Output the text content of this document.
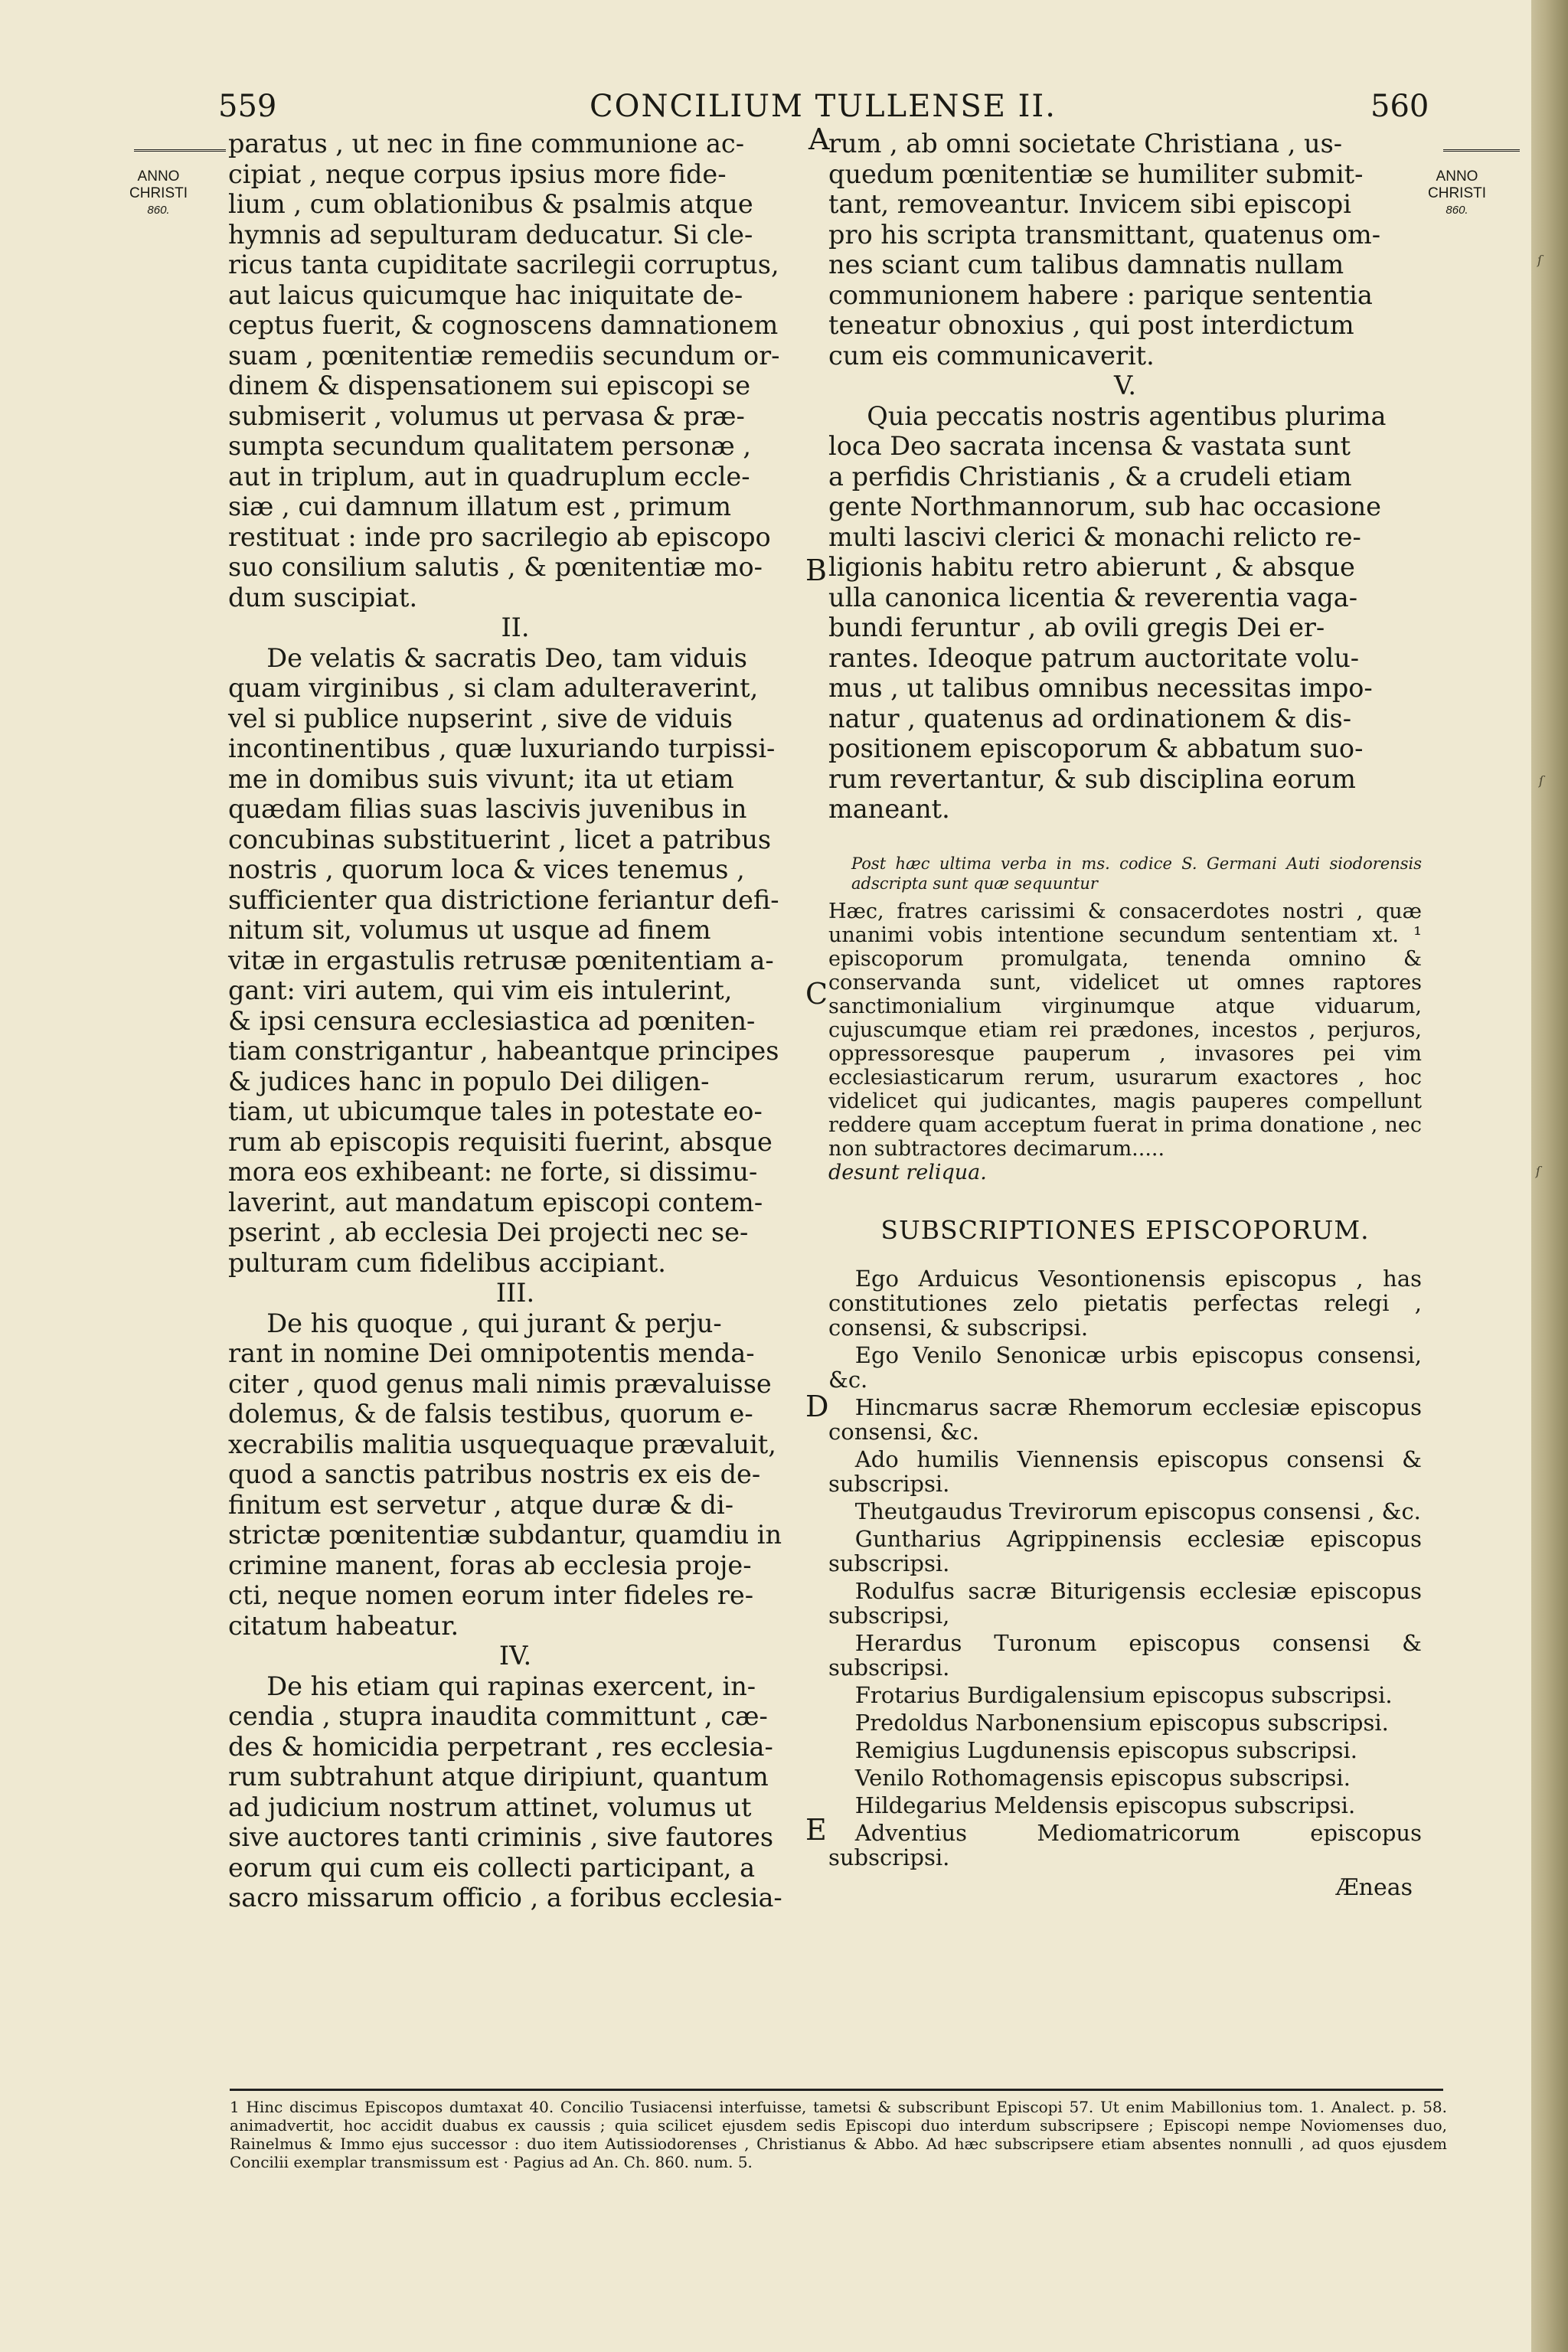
559	CONCILIUM TULLENSE II.	560
ANNO
CHRISTI
860.
ANNO
CHRISTI
860.
A
B
C
D
E
paratus , ut nec in fine communione ac-
cipiat , neque corpus ipsius more fide-
lium , cum oblationibus & psalmis atque
hymnis ad sepulturam deducatur. Si cle-
ricus tanta cupiditate sacrilegii corruptus,
aut laicus quicumque hac iniquitate de-
ceptus fuerit, & cognoscens damnationem
suam , pœnitentiæ remediis secundum or-
dinem & dispensationem sui episcopi se
submiserit , volumus ut pervasa & præ-
sumpta secundum qualitatem personæ ,
aut in triplum, aut in quadruplum eccle-
siæ , cui damnum illatum est , primum
restituat : inde pro sacrilegio ab episcopo
suo consilium salutis , & pœnitentiæ mo-
dum suscipiat.

II.

De velatis & sacratis Deo, tam viduis
quam virginibus , si clam adulteraverint,
vel si publice nupserint , sive de viduis
incontinentibus , quæ luxuriando turpissi-
me in domibus suis vivunt; ita ut etiam
quædam filias suas lascivis juvenibus in
concubinas substituerint , licet a patribus
nostris , quorum loca & vices tenemus ,
sufficienter qua districtione feriantur defi-
nitum sit, volumus ut usque ad finem
vitæ in ergastulis retrusæ pœnitentiam a-
gant: viri autem, qui vim eis intulerint,
& ipsi censura ecclesiastica ad pœniten-
tiam constrigantur , habeantque principes
& judices hanc in populo Dei diligen-
tiam, ut ubicumque tales in potestate eo-
rum ab episcopis requisiti fuerint, absque
mora eos exhibeant: ne forte, si dissimu-
laverint, aut mandatum episcopi contem-
pserint , ab ecclesia Dei projecti nec se-
pulturam cum fidelibus accipiant.

III.

De his quoque , qui jurant & perju-
rant in nomine Dei omnipotentis menda-
citer , quod genus mali nimis prævaluisse
dolemus, & de falsis testibus, quorum e-
xecrabilis malitia usquequaque prævaluit,
quod a sanctis patribus nostris ex eis de-
finitum est servetur , atque duræ & di-
strictæ pœnitentiæ subdantur, quamdiu in
crimine manent, foras ab ecclesia proje-
cti, neque nomen eorum inter fideles re-
citatum habeatur.

IV.

De his etiam qui rapinas exercent, in-
cendia , stupra inaudita committunt , cæ-
des & homicidia perpetrant , res ecclesia-
rum subtrahunt atque diripiunt, quantum
ad judicium nostrum attinet, volumus ut
sive auctores tanti criminis , sive fautores
eorum qui cum eis collecti participant, a
sacro missarum officio , a foribus ecclesia-
rum , ab omni societate Christiana , us-
quedum pœnitentiæ se humiliter submit-
tant, removeantur. Invicem sibi episcopi
pro his scripta transmittant, quatenus om-
nes sciant cum talibus damnatis nullam
communionem habere : parique sententia
teneatur obnoxius , qui post interdictum
cum eis communicaverit.

V.

Quia peccatis nostris agentibus plurima
loca Deo sacrata incensa & vastata sunt
a perfidis Christianis , & a crudeli etiam
gente Northmannorum, sub hac occasione
multi lascivi clerici & monachi relicto re-
ligionis habitu retro abierunt , & absque
ulla canonica licentia & reverentia vaga-
bundi feruntur , ab ovili gregis Dei er-
rantes. Ideoque patrum auctoritate volu-
mus , ut talibus omnibus necessitas impo-
natur , quatenus ad ordinationem & dis-
positionem episcoporum & abbatum suo-
rum revertantur, & sub disciplina eorum
maneant.

Post hæc ultima verba in ms. codice S. Germani Auti siodorensis adscripta sunt quæ sequuntur

Hæc, fratres carissimi & consacerdotes nostri , quæ unanimi vobis intentione secundum sententiam xt. ¹ episcoporum promulgata, tenenda omnino & conservanda sunt, videlicet ut omnes raptores sanctimonialium virginumque atque viduarum, cujuscumque etiam rei prædones, incestos , perjuros, oppressoresque pauperum , invasores pei vim ecclesiasticarum rerum, usurarum exactores , hoc videlicet qui judicantes, magis pauperes compellunt reddere quam acceptum fuerat in prima donatione , nec non subtractores decimarum.....
desunt reliqua.

SUBSCRIPTIONES EPISCOPORUM.

Ego Arduicus Vesontionensis episcopus , has constitutiones zelo pietatis perfectas relegi , consensi, & subscripsi.

Ego Venilo Senonicæ urbis episcopus consensi, &c.

Hincmarus sacræ Rhemorum ecclesiæ episcopus consensi, &c.

Ado humilis Viennensis episcopus consensi & subscripsi.

Theutgaudus Trevirorum episcopus consensi , &c.

Guntharius Agrippinensis ecclesiæ episcopus subscripsi.

Rodulfus sacræ Biturigensis ecclesiæ episcopus subscripsi,

Herardus Turonum episcopus consensi & subscripsi.

Frotarius Burdigalensium episcopus subscripsi.

Predoldus Narbonensium episcopus subscripsi.

Remigius Lugdunensis episcopus subscripsi.

Venilo Rothomagensis episcopus subscripsi.

Hildegarius Meldensis episcopus subscripsi.

Adventius Mediomatricorum episcopus subscripsi.

Æneas

1 Hinc discimus Episcopos dumtaxat 40. Concilio Tusiacensi interfuisse, tametsi & subscribunt Episcopi 57. Ut enim Mabillonius tom. 1. Analect. p. 58. animadvertit, hoc accidit duabus ex caussis ; quia scilicet ejusdem sedis Episcopi duo interdum subscripsere ; Episcopi nempe Noviomenses duo, Rainelmus & Immo ejus successor : duo item Autissiodorenses , Christianus & Abbo. Ad hæc subscripsere etiam absentes nonnulli , ad quos ejusdem Concilii exemplar transmissum est · Pagius ad An. Ch. 860. num. 5.
ſ
ſ
ſ
